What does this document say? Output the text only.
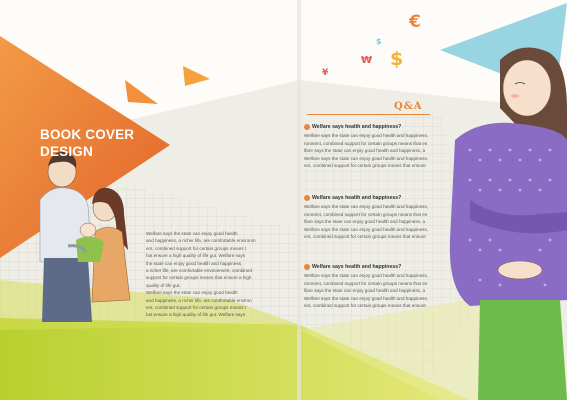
€
$
¥
₩
$
BOOK COVER
DESIGN

Welfare says the state can enjoy good health

and happiness, a richer life, are comfortable environm

ent, combined support for certain groups means t

hat ensure a high quality of life gut. Welfare says

the state can enjoy good health and happiness,

a richer life, are comfortable environment, combined

support for certain groups means that ensure a high

quality of life gut.

Welfare says the state can enjoy good health

and happiness, a richer life, are comfortable environ

ent, combined support for certain groups means t

hat ensure a high quality of life gut. Welfare says

Q&A

Welfare says health and happiness?

Welfare says the state can enjoy good health and happiness,

ronment, combined support for certain groups means that en

lfare says the state can enjoy good health and happiness, a

Welfare says the state can enjoy good health and happiness,

ent, combined support for certain groups means that ensure

Welfare says health and happiness?

Welfare says the state can enjoy good health and happiness,

ronment, combined support for certain groups means that en

lfare says the state can enjoy good health and happiness, a

Welfare says the state can enjoy good health and happiness,

ent, combined support for certain groups means that ensure

Welfare says health and happiness?

Welfare says the state can enjoy good health and happiness,

ronment, combined support for certain groups means that en

lfare says the state can enjoy good health and happiness, a

Welfare says the state can enjoy good health and happiness,

ent, combined support for certain groups means that ensure
